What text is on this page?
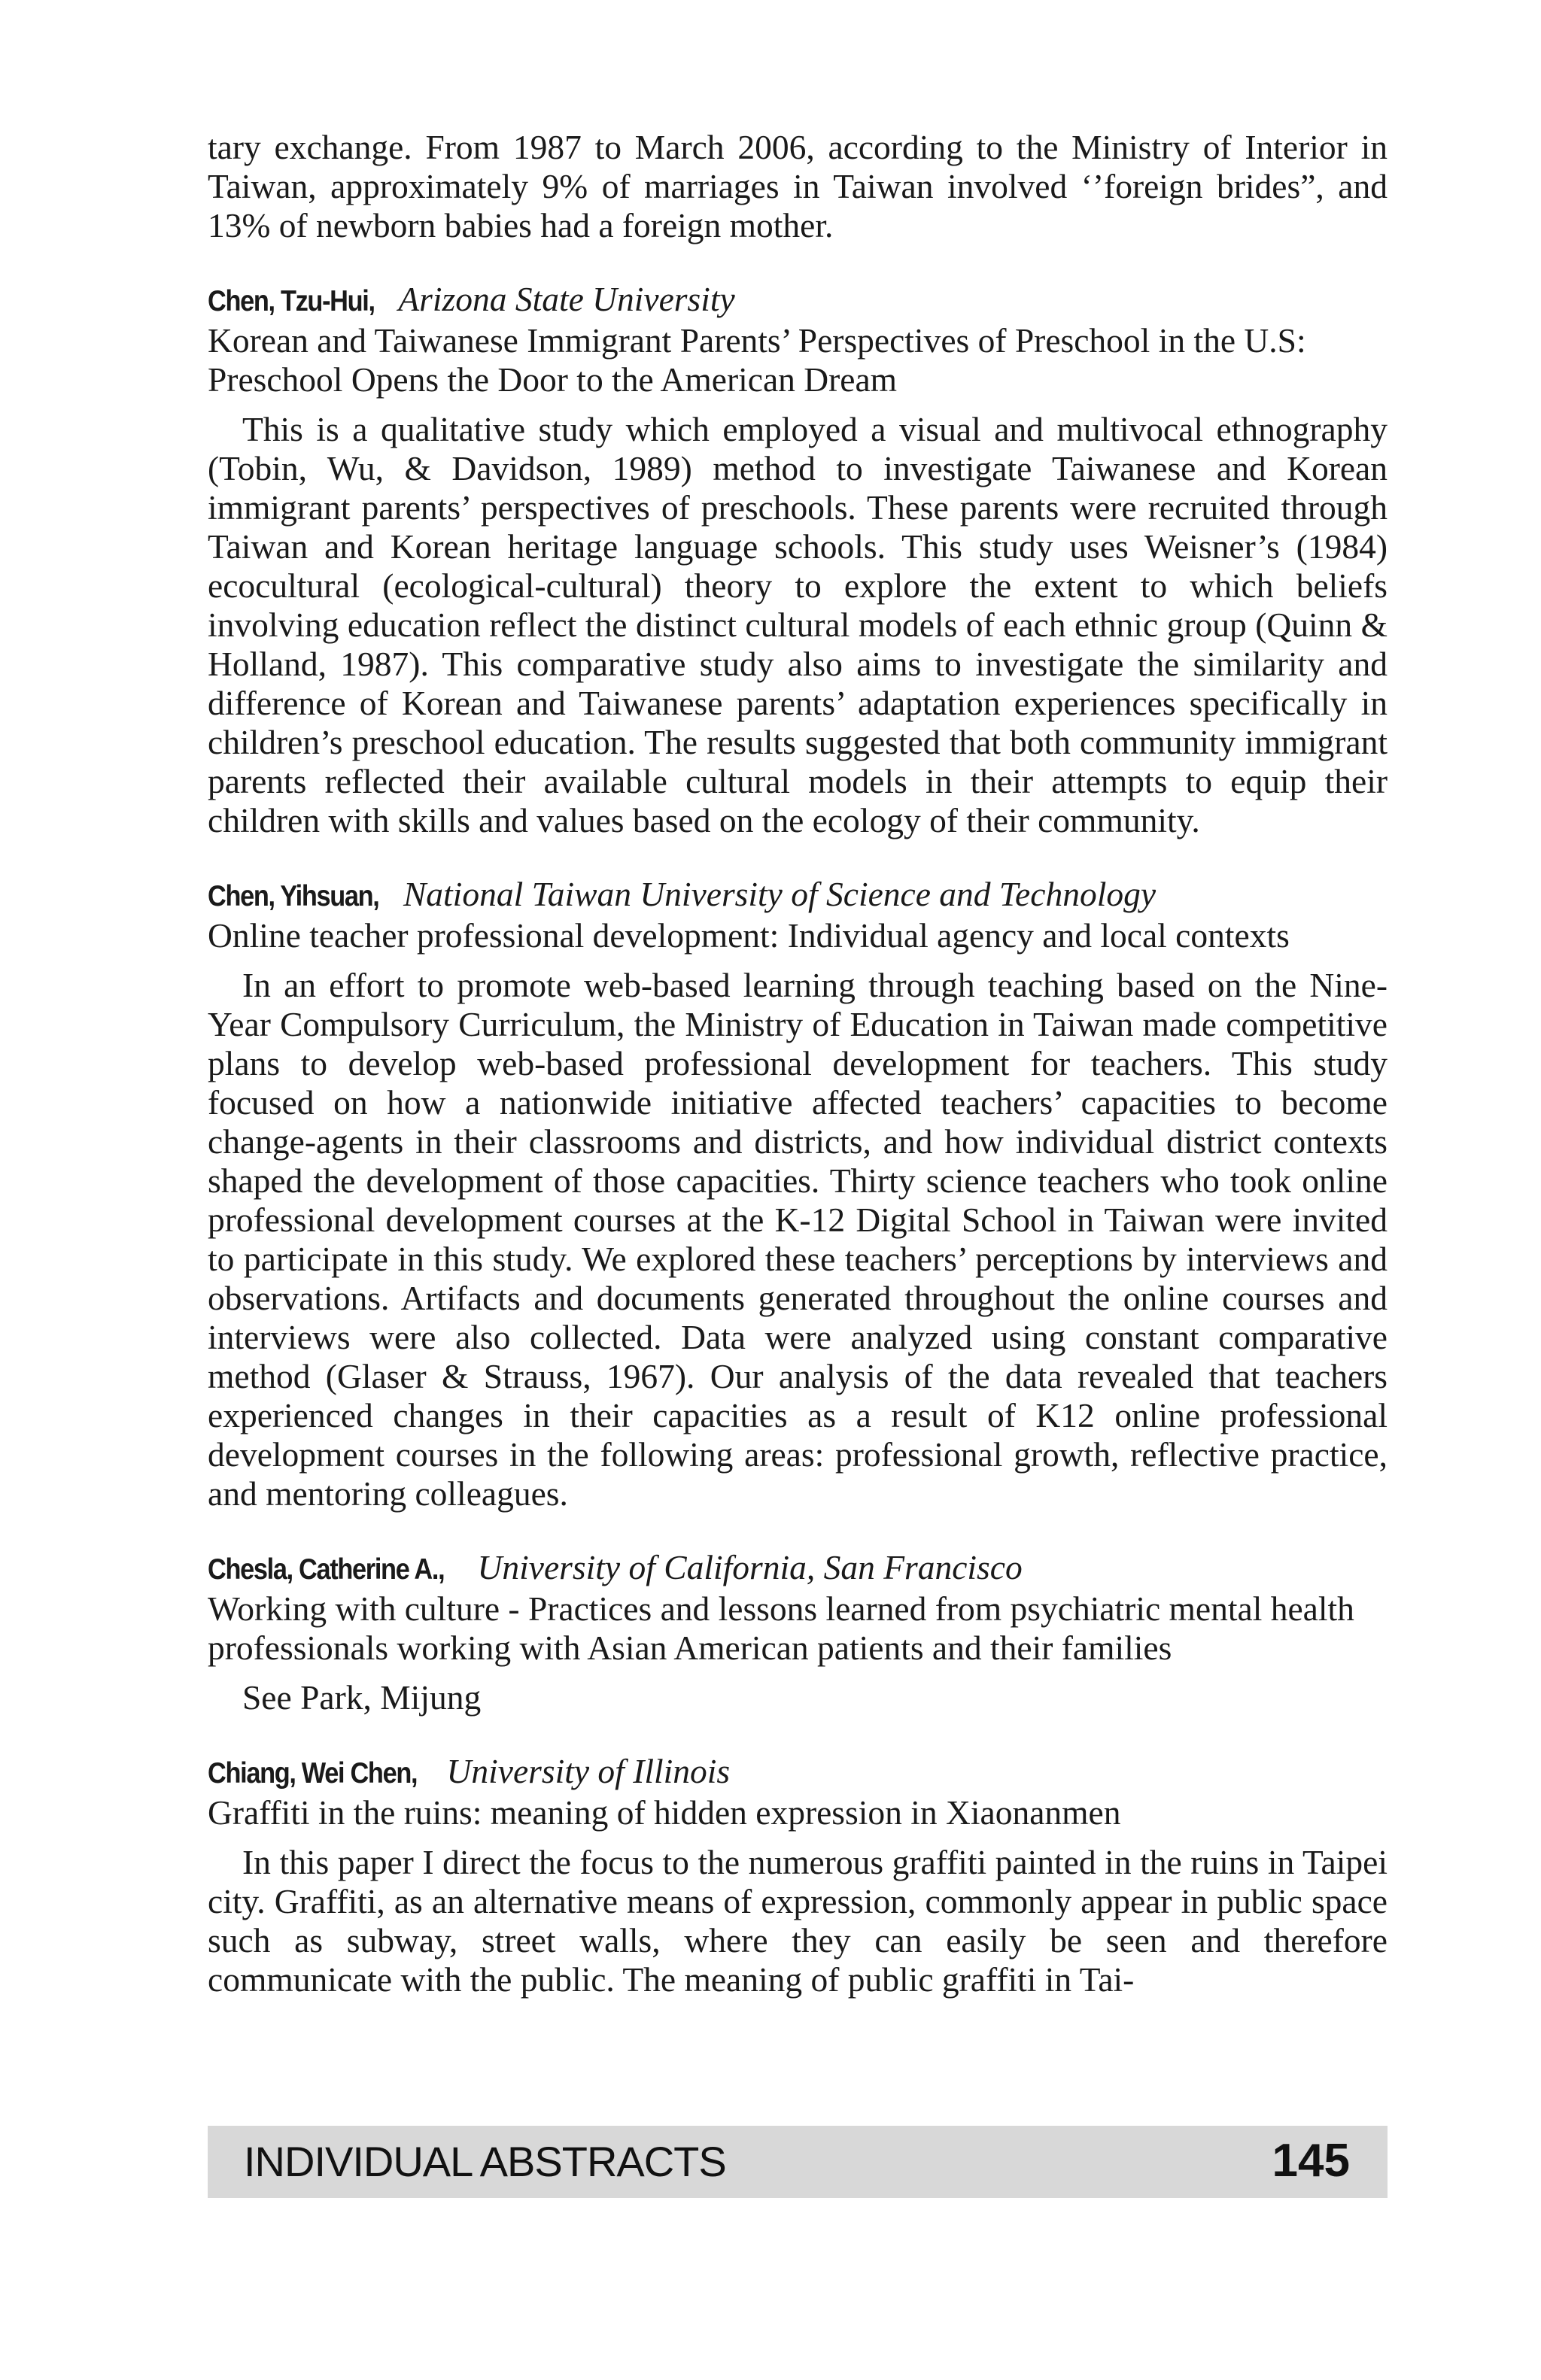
tary exchange. From 1987 to March 2006, according to the Ministry of Interior in Taiwan, approximately 9% of marriages in Taiwan involved ‘’foreign brides”, and 13% of newborn babies had a foreign mother.

Chen, Tzu-Hui, Arizona State University

Korean and Taiwanese Immigrant Parents’ Perspectives of Preschool in the U.S: Preschool Opens the Door to the American Dream

This is a qualitative study which employed a visual and multivocal ethnography (Tobin, Wu, & Davidson, 1989) method to investigate Taiwanese and Korean immigrant parents’ perspectives of preschools. These parents were recruited through Taiwan and Korean heritage language schools. This study uses Weisner’s (1984) ecocultural (ecological-cultural) theory to explore the extent to which beliefs involving education reflect the distinct cultural models of each ethnic group (Quinn & Holland, 1987). This comparative study also aims to investigate the similarity and difference of Korean and Taiwanese parents’ adaptation experiences specifically in children’s preschool education. The results suggested that both community immigrant parents reflected their available cultural models in their attempts to equip their children with skills and values based on the ecology of their community.

Chen, Yihsuan, National Taiwan University of Science and Technology

Online teacher professional development: Individual agency and local contexts

In an effort to promote web-based learning through teaching based on the Nine-Year Compulsory Curriculum, the Ministry of Education in Taiwan made competitive plans to develop web-based professional development for teachers. This study focused on how a nationwide initiative affected teachers’ capacities to become change-agents in their classrooms and districts, and how individual district contexts shaped the development of those capacities. Thirty science teachers who took online professional development courses at the K-12 Digital School in Taiwan were invited to participate in this study. We explored these teachers’ perceptions by interviews and observations. Artifacts and documents generated throughout the online courses and interviews were also collected. Data were analyzed using constant comparative method (Glaser & Strauss, 1967). Our analysis of the data revealed that teachers experienced changes in their capacities as a result of K12 online professional development courses in the following areas: professional growth, reflective practice, and mentoring colleagues.

Chesla, Catherine A., University of California, San Francisco

Working with culture - Practices and lessons learned from psychiatric mental health professionals working with Asian American patients and their families

See Park, Mijung

Chiang, Wei Chen, University of Illinois

Graffiti in the ruins: meaning of hidden expression in Xiaonanmen

In this paper I direct the focus to the numerous graffiti painted in the ruins in Taipei city. Graffiti, as an alternative means of expression, commonly appear in public space such as subway, street walls, where they can easily be seen and therefore communicate with the public. The meaning of public graffiti in Tai-

INDIVIDUAL ABSTRACTS	145
